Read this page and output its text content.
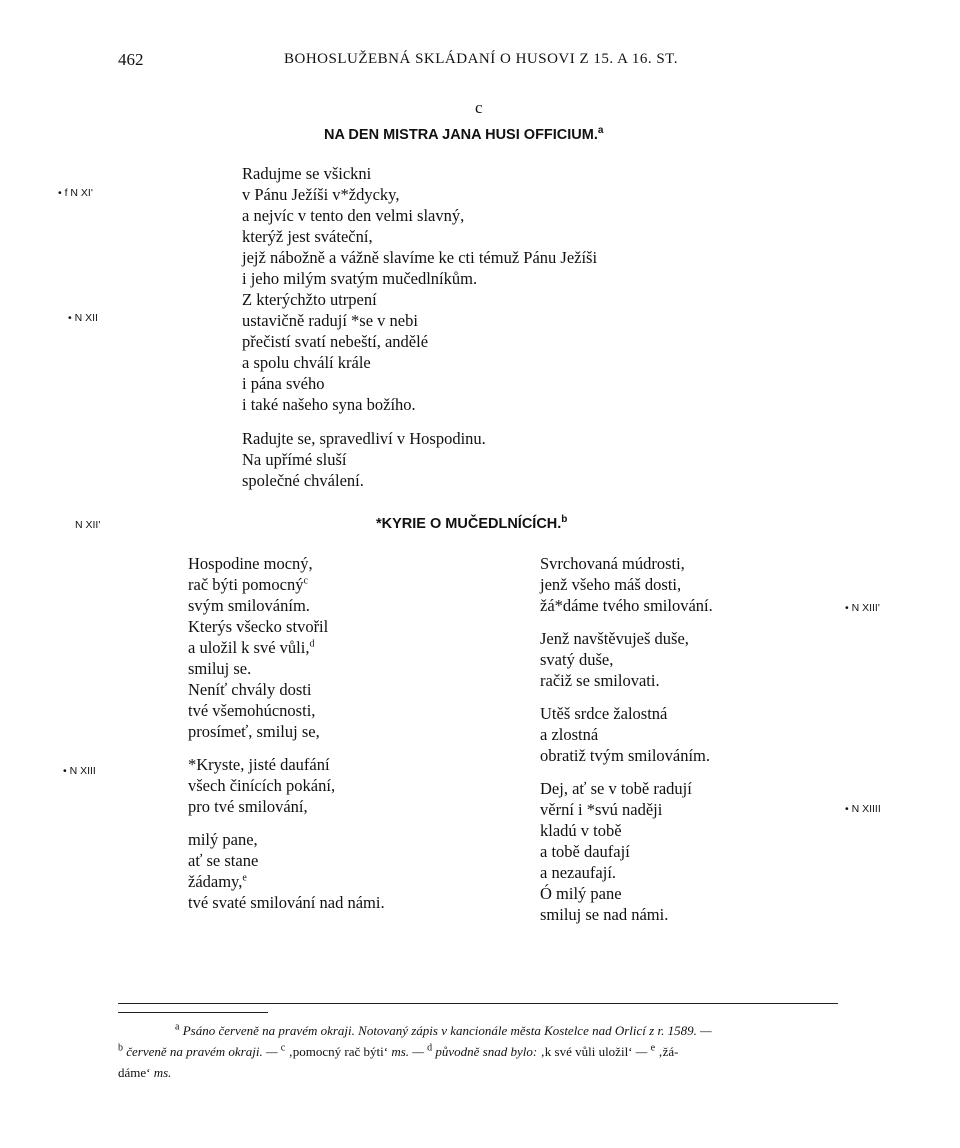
462	BOHOSLUŽEBNÁ SKLÁDANÍ O HUSOVI Z 15. A 16. ST.
c
NA DEN MISTRA JANA HUSI OFFICIUM.$^a$
• f N XI'
• N XII
N XII'
• N XIII
• N XIII'
• N XIIII
Radujme se všickni
v Pánu Ježíši v*ždycky,
a nejvíc v tento den velmi slavný,
kterýž jest sváteční,
jejž nábožně a vážně slavíme ke cti témuž Pánu Ježíši
i jeho milým svatým mučedlníkům.
Z kterýchžto utrpení
ustavičně radují *se v nebi
přečistí svatí nebeští, andělé
a spolu chválí krále
i pána svého
i také našeho syna božího.
Radujte se, spravedliví v Hospodinu.
Na upřímé sluší
společné chválení.
*KYRIE O MUČEDLNÍCÍCH.$^b$
Hospodine mocný,
rač býti pomocný$^c$
svým smilováním.
Kterýs všecko stvořil
a uložil k své vůli,$^d$
smiluj se.
Neníť chvály dosti
tvé všemohúcnosti,
prosímeť, smiluj se,
*Kryste, jisté daufání
všech činících pokání,
pro tvé smilování,
milý pane,
ať se stane
žádamy,$^e$
tvé svaté smilování nad námi.
Svrchovaná múdrosti,
jenž všeho máš dosti,
žá*dáme tvého smilování.
Jenž navštěvuješ duše,
svatý duše,
račiž se smilovati.
Utěš srdce žalostná
a zlostná
obratiž tvým smilováním.
Dej, ať se v tobě radují
věrní i *svú naději
kladú v tobě
a tobě daufají
a nezaufají.
Ó milý pane
smiluj se nad námi.
$^a$ Psáno červeně na pravém okraji. Notovaný zápis v kancionále města Kostelce nad Orlicí z r. 1589. —
$^b$ červeně na pravém okraji. — $^c$ ‚pomocný rač býti‘ ms. — $^d$ původně snad bylo: ‚k své vůli uložil‘ — $^e$ ‚žá-
dáme‘ ms.
